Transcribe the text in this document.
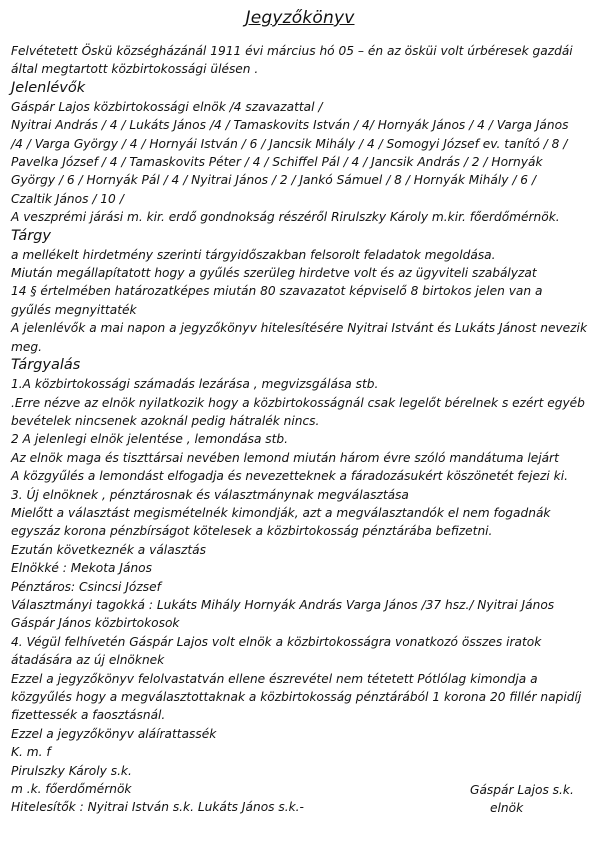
Jegyzőkönyv

Felvétetett Öskü községházánál 1911 évi március hó 05 – én az ösküi volt úrbéresek gazdái

által megtartott közbirtokossági ülésen .

Jelenlévők

Gáspár Lajos közbirtokossági elnök /4 szavazattal /

Nyitrai András / 4 / Lukáts János /4 / Tamaskovits István / 4/ Hornyák János / 4 / Varga János

/4 / Varga György / 4 / Hornyái István / 6 / Jancsik Mihály / 4 / Somogyi József ev. tanító / 8 /

Pavelka József / 4 / Tamaskovits Péter / 4 / Schiffel Pál / 4 / Jancsik András / 2 / Hornyák

György / 6 / Hornyák Pál / 4 / Nyitrai János / 2 / Jankó Sámuel / 8 / Hornyák Mihály / 6 /

Czaltik János / 10 /

A veszprémi járási m. kir. erdő gondnokság részéről Rirulszky Károly m.kir. főerdőmérnök.

Tárgy

a mellékelt hirdetmény szerinti tárgyidőszakban felsorolt feladatok megoldása.

Miután megállapítatott hogy a gyűlés szerüleg hirdetve volt és az ügyviteli szabályzat

14 § értelmében határozatképes miután 80 szavazatot képviselő 8 birtokos jelen van a

gyűlés megnyittaték

A jelenlévők a mai napon a jegyzőkönyv hitelesítésére Nyitrai Istvánt és Lukáts Jánost nevezik

meg.

Tárgyalás

1.A közbirtokossági számadás lezárása , megvizsgálása stb.

.Erre nézve az elnök nyilatkozik hogy a közbirtokosságnál csak legelőt bérelnek s ezért egyéb

bevételek nincsenek azoknál pedig hátralék nincs.

2 A jelenlegi elnök jelentése , lemondása stb.

Az elnök maga és tiszttársai nevében lemond miután három évre szóló mandátuma lejárt

A közgyűlés a lemondást elfogadja és nevezetteknek a fáradozásukért köszönetét fejezi ki.

3. Új elnöknek , pénztárosnak és választmánynak megválasztása

Mielőtt a választást megismételnék kimondják, azt a megválasztandók el nem fogadnák

egyszáz korona pénzbírságot kötelesek a közbirtokosság pénztárába befizetni.

Ezután következnék a választás

Elnökké : Mekota János

Pénztáros: Csincsi József

Választmányi tagokká : Lukáts Mihály Hornyák András Varga János /37 hsz./ Nyitrai János

Gáspár János közbirtokosok

4. Végül felhívetén Gáspár Lajos volt elnök a közbirtokosságra vonatkozó összes iratok

átadására az új elnöknek

Ezzel a jegyzőkönyv felolvastatván ellene észrevétel nem tétetett Pótlólag kimondja a

közgyűlés hogy a megválasztottaknak a közbirtokosság pénztárából 1 korona 20 fillér napidíj

fizettessék a faosztásnál.

Ezzel a jegyzőkönyv aláírattassék

K. m. f

Pirulszky Károly s.k.

m .k. főerdőmérnök

Hitelesítők : Nyitrai István s.k. Lukáts János s.k.-

Gáspár Lajos s.k.

elnök
